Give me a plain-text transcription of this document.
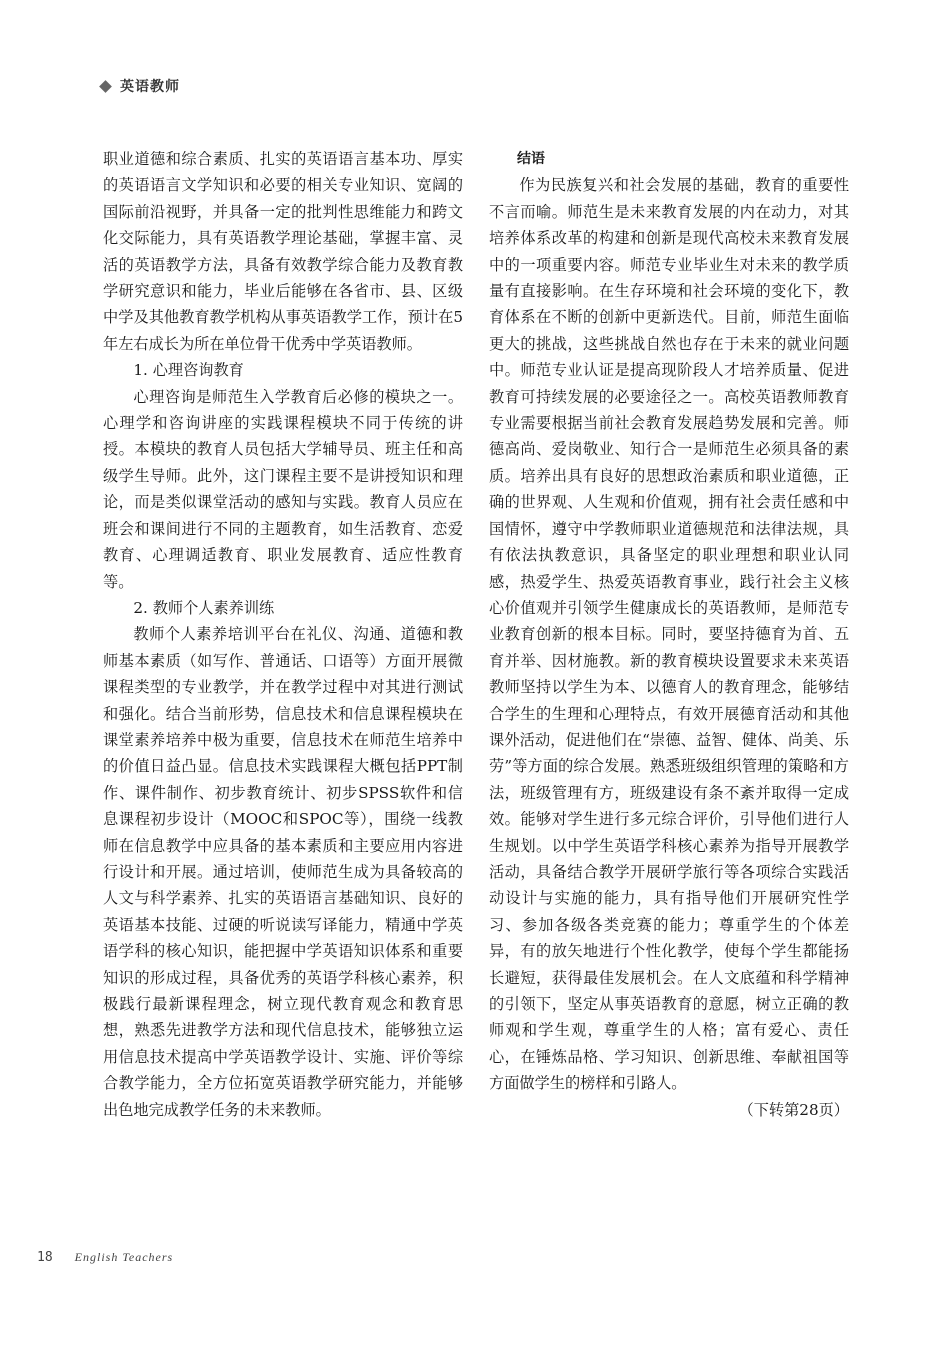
英语教师

职业道德和综合素质、扎实的英语语言基本功、厚实的英语语言文学知识和必要的相关专业知识、宽阔的国际前沿视野，并具备一定的批判性思维能力和跨文化交际能力，具有英语教学理论基础，掌握丰富、灵活的英语教学方法，具备有效教学综合能力及教育教学研究意识和能力，毕业后能够在各省市、县、区级中学及其他教育教学机构从事英语教学工作，预计在5年左右成长为所在单位骨干优秀中学英语教师。

1. 心理咨询教育

心理咨询是师范生入学教育后必修的模块之一。心理学和咨询讲座的实践课程模块不同于传统的讲授。本模块的教育人员包括大学辅导员、班主任和高级学生导师。此外，这门课程主要不是讲授知识和理论，而是类似课堂活动的感知与实践。教育人员应在班会和课间进行不同的主题教育，如生活教育、恋爱教育、心理调适教育、职业发展教育、适应性教育等。

2. 教师个人素养训练

教师个人素养培训平台在礼仪、沟通、道德和教师基本素质（如写作、普通话、口语等）方面开展微课程类型的专业教学，并在教学过程中对其进行测试和强化。结合当前形势，信息技术和信息课程模块在课堂素养培养中极为重要，信息技术在师范生培养中的价值日益凸显。信息技术实践课程大概包括PPT制作、课件制作、初步教育统计、初步SPSS软件和信息课程初步设计（MOOC和SPOC等），围绕一线教师在信息教学中应具备的基本素质和主要应用内容进行设计和开展。通过培训，使师范生成为具备较高的人文与科学素养、扎实的英语语言基础知识、良好的英语基本技能、过硬的听说读写译能力，精通中学英语学科的核心知识，能把握中学英语知识体系和重要知识的形成过程，具备优秀的英语学科核心素养，积极践行最新课程理念，树立现代教育观念和教育思想，熟悉先进教学方法和现代信息技术，能够独立运用信息技术提高中学英语教学设计、实施、评价等综合教学能力，全方位拓宽英语教学研究能力，并能够出色地完成教学任务的未来教师。

结语

作为民族复兴和社会发展的基础，教育的重要性不言而喻。师范生是未来教育发展的内在动力，对其培养体系改革的构建和创新是现代高校未来教育发展中的一项重要内容。师范专业毕业生对未来的教学质量有直接影响。在生存环境和社会环境的变化下，教育体系在不断的创新中更新迭代。目前，师范生面临更大的挑战，这些挑战自然也存在于未来的就业问题中。师范专业认证是提高现阶段人才培养质量、促进教育可持续发展的必要途径之一。高校英语教师教育专业需要根据当前社会教育发展趋势发展和完善。师德高尚、爱岗敬业、知行合一是师范生必须具备的素质。培养出具有良好的思想政治素质和职业道德，正确的世界观、人生观和价值观，拥有社会责任感和中国情怀，遵守中学教师职业道德规范和法律法规，具有依法执教意识，具备坚定的职业理想和职业认同感，热爱学生、热爱英语教育事业，践行社会主义核心价值观并引领学生健康成长的英语教师，是师范专业教育创新的根本目标。同时，要坚持德育为首、五育并举、因材施教。新的教育模块设置要求未来英语教师坚持以学生为本、以德育人的教育理念，能够结合学生的生理和心理特点，有效开展德育活动和其他课外活动，促进他们在“崇德、益智、健体、尚美、乐劳”等方面的综合发展。熟悉班级组织管理的策略和方法，班级管理有方，班级建设有条不紊并取得一定成效。能够对学生进行多元综合评价，引导他们进行人生规划。以中学生英语学科核心素养为指导开展教学活动，具备结合教学开展研学旅行等各项综合实践活动设计与实施的能力，具有指导他们开展研究性学习、参加各级各类竞赛的能力；尊重学生的个体差异，有的放矢地进行个性化教学，使每个学生都能扬长避短，获得最佳发展机会。在人文底蕴和科学精神的引领下，坚定从事英语教育的意愿，树立正确的教师观和学生观，尊重学生的人格；富有爱心、责任心，在锤炼品格、学习知识、创新思维、奉献祖国等方面做学生的榜样和引路人。

（下转第28页）

18 English Teachers
